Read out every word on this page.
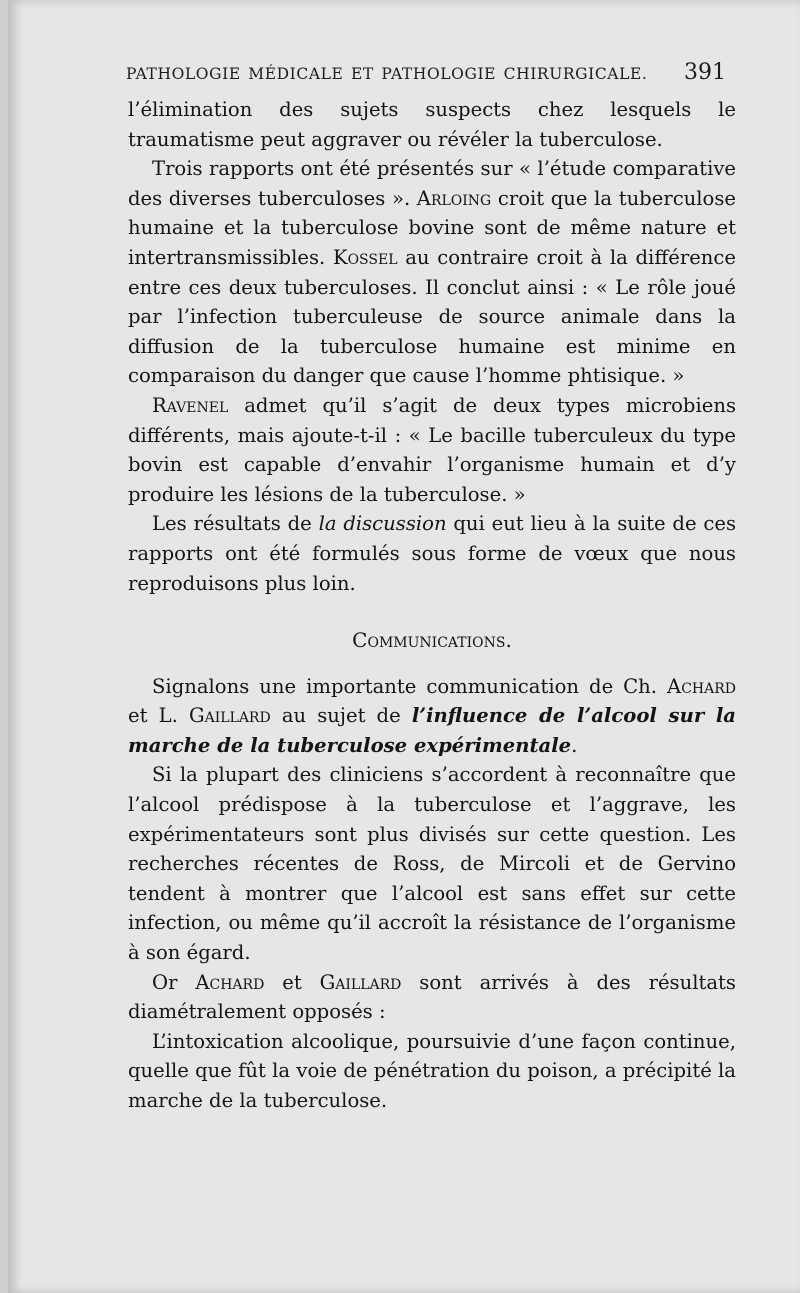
PATHOLOGIE MÉDICALE ET PATHOLOGIE CHIRURGICALE. 391

l’élimination des sujets suspects chez lesquels le traumatisme peut aggraver ou révéler la tuberculose.

Trois rapports ont été présentés sur « l’étude comparative des diverses tuberculoses ». Arloing croit que la tuberculose humaine et la tuberculose bovine sont de même nature et intertransmissibles. Kossel au contraire croit à la différence entre ces deux tuberculoses. Il conclut ainsi : « Le rôle joué par l’infection tuberculeuse de source animale dans la diffusion de la tuberculose humaine est minime en comparaison du danger que cause l’homme phtisique. »

Ravenel admet qu’il s’agit de deux types microbiens différents, mais ajoute-t-il : « Le bacille tuberculeux du type bovin est capable d’envahir l’organisme humain et d’y produire les lésions de la tuberculose. »

Les résultats de la discussion qui eut lieu à la suite de ces rapports ont été formulés sous forme de vœux que nous reproduisons plus loin.

Communications.

Signalons une importante communication de Ch. Achard et L. Gaillard au sujet de l’influence de l’alcool sur la marche de la tuberculose expérimentale.

Si la plupart des cliniciens s’accordent à reconnaître que l’alcool prédispose à la tuberculose et l’aggrave, les expérimentateurs sont plus divisés sur cette question. Les recherches récentes de Ross, de Mircoli et de Gervino tendent à montrer que l’alcool est sans effet sur cette infection, ou même qu’il accroît la résistance de l’organisme à son égard.

Or Achard et Gaillard sont arrivés à des résultats diamétralement opposés :

L’intoxication alcoolique, poursuivie d’une façon continue, quelle que fût la voie de pénétration du poison, a précipité la marche de la tuberculose.
